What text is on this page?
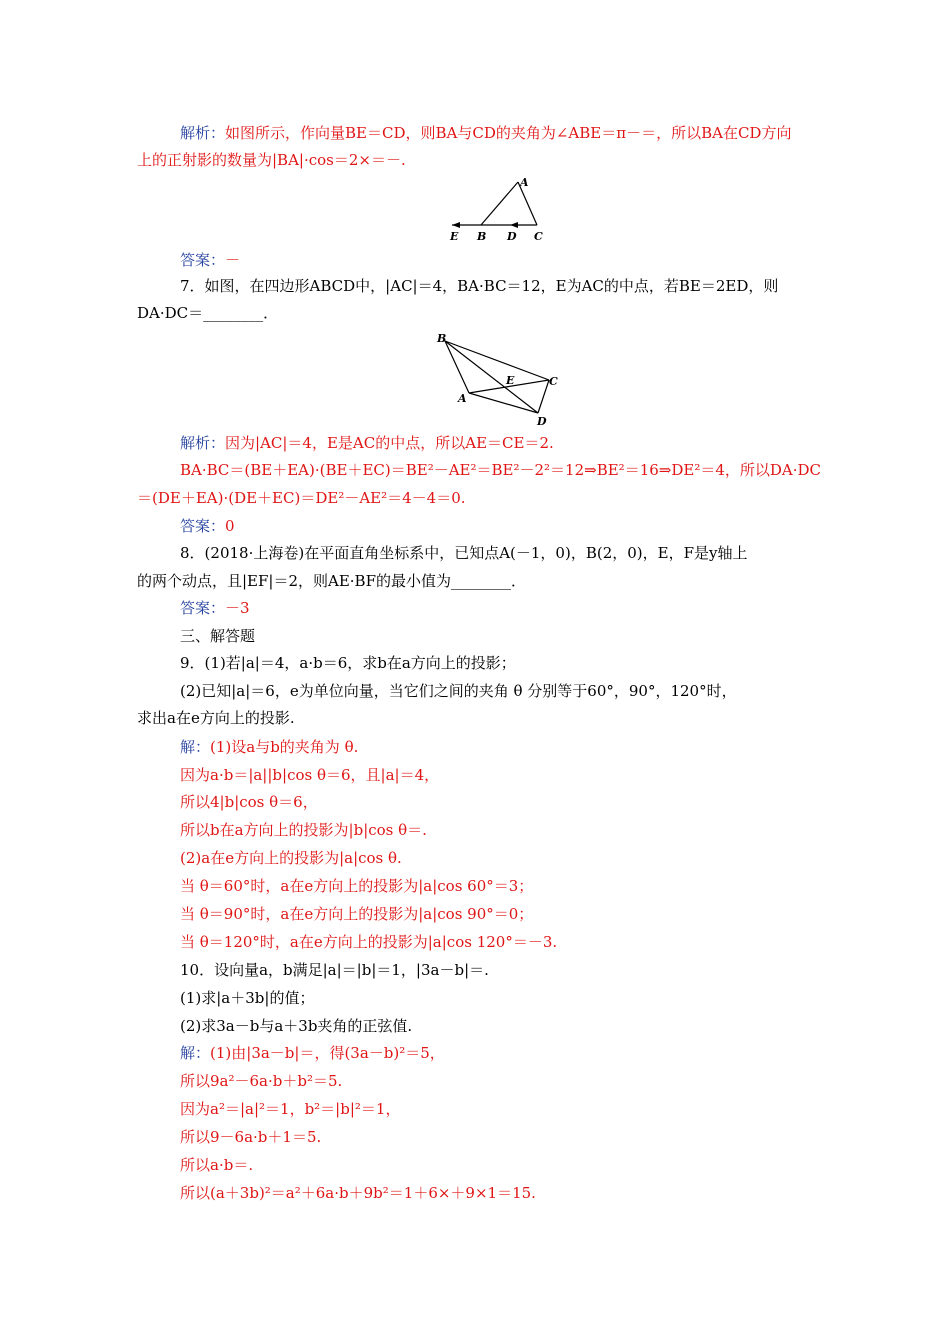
解析：如图所示，作向量BE＝CD，则BA与CD的夹角为∠ABE＝π－＝，所以BA在CD方向
上的正射影的数量为|BA|·cos＝2×＝－.
A
E B D C
答案：－
7．如图，在四边形ABCD中，|AC|＝4，BA·BC＝12，E为AC的中点，若BE＝2ED，则
DA·DC＝________．
B
E	C
A
D
解析：因为|AC|＝4，E是AC的中点，所以AE＝CE＝2.
BA·BC＝(BE＋EA)·(BE＋EC)＝BE²－AE²＝BE²－2²＝12⇒BE²＝16⇒DE²＝4，所以DA·DC
＝(DE＋EA)·(DE＋EC)＝DE²－AE²＝4－4＝0.
答案：0
8．(2018·上海卷)在平面直角坐标系中，已知点A(－1，0)，B(2，0)，E，F是y轴上
的两个动点，且|EF|＝2，则AE·BF的最小值为________．
答案：－3
三、解答题
9．(1)若|a|＝4，a·b＝6，求b在a方向上的投影；
(2)已知|a|＝6，e为单位向量，当它们之间的夹角 θ 分别等于60°，90°，120°时，
求出a在e方向上的投影.
解：(1)设a与b的夹角为 θ.
因为a·b＝|a||b|cos θ＝6，且|a|＝4，
所以4|b|cos θ＝6，
所以b在a方向上的投影为|b|cos θ＝.
(2)a在e方向上的投影为|a|cos θ.
当 θ＝60°时，a在e方向上的投影为|a|cos 60°＝3；
当 θ＝90°时，a在e方向上的投影为|a|cos 90°＝0；
当 θ＝120°时，a在e方向上的投影为|a|cos 120°＝－3.
10．设向量a，b满足|a|＝|b|＝1，|3a－b|＝.
(1)求|a＋3b|的值；
(2)求3a－b与a＋3b夹角的正弦值.
解：(1)由|3a－b|＝，得(3a－b)²＝5，
所以9a²－6a·b＋b²＝5.
因为a²＝|a|²＝1，b²＝|b|²＝1，
所以9－6a·b＋1＝5.
所以a·b＝.
所以(a＋3b)²＝a²＋6a·b＋9b²＝1＋6×＋9×1＝15.
